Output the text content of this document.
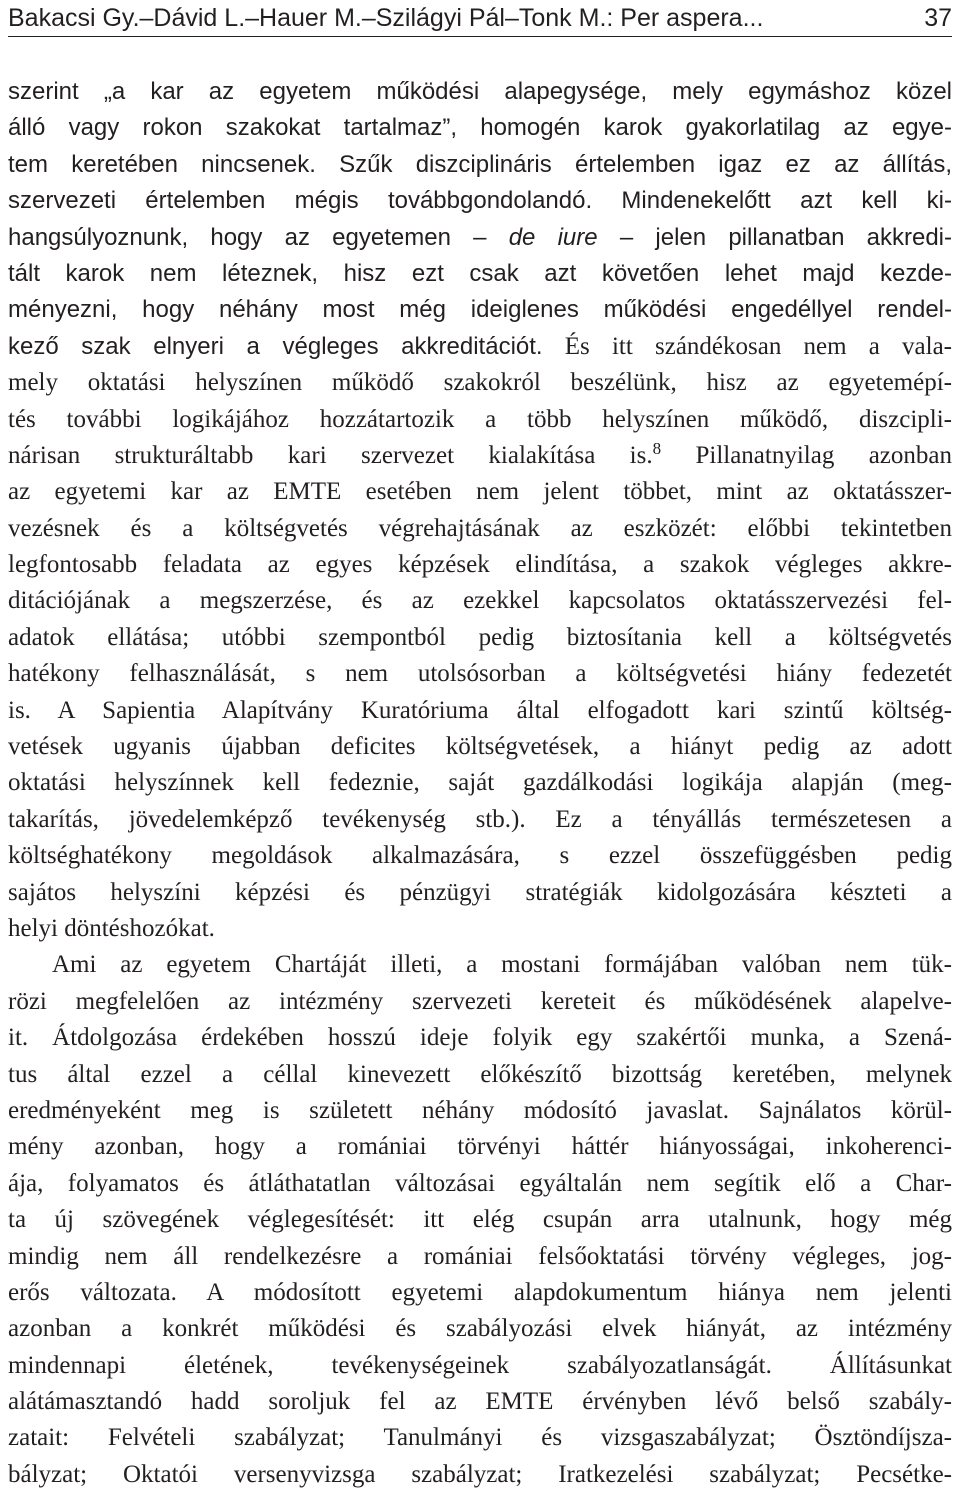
Bakacsi Gy.–Dávid L.–Hauer M.–Szilágyi Pál–Tonk M.: Per aspera...	37
szerint „a kar az egyetem működési alapegysége, mely egymáshoz közel
álló vagy rokon szakokat tartalmaz”, homogén karok gyakorlatilag az egye-
tem keretében nincsenek. Szűk diszciplináris értelemben igaz ez az állítás,
szervezeti értelemben mégis továbbgondolandó. Mindenekelőtt azt kell ki-
hangsúlyoznunk, hogy az egyetemen – de iure – jelen pillanatban akkredi-
tált karok nem léteznek, hisz ezt csak azt követően lehet majd kezde-
ményezni, hogy néhány most még ideiglenes működési engedéllyel rendel-
kező szak elnyeri a végleges akkreditációt. És itt szándékosan nem a vala-
mely oktatási helyszínen működő szakokról beszélünk, hisz az egyetemépí-
tés további logikájához hozzátartozik a több helyszínen működő, diszcipli-
nárisan strukturáltabb kari szervezet kialakítása is.$^8$ Pillanatnyilag azonban
az egyetemi kar az EMTE esetében nem jelent többet, mint az oktatásszer-
vezésnek és a költségvetés végrehajtásának az eszközét: előbbi tekintetben
legfontosabb feladata az egyes képzések elindítása, a szakok végleges akkre-
ditációjának a megszerzése, és az ezekkel kapcsolatos oktatásszervezési fel-
adatok ellátása; utóbbi szempontból pedig biztosítania kell a költségvetés
hatékony felhasználását, s nem utolsósorban a költségvetési hiány fedezetét
is. A Sapientia Alapítvány Kuratóriuma által elfogadott kari szintű költség-
vetések ugyanis újabban deficites költségvetések, a hiányt pedig az adott
oktatási helyszínnek kell fedeznie, saját gazdálkodási logikája alapján (meg-
takarítás, jövedelemképző tevékenység stb.). Ez a tényállás természetesen a
költséghatékony megoldások alkalmazására, s ezzel összefüggésben pedig
sajátos helyszíni képzési és pénzügyi stratégiák kidolgozására készteti a
helyi döntéshozókat.
Ami az egyetem Chartáját illeti, a mostani formájában valóban nem tük-
rözi megfelelően az intézmény szervezeti kereteit és működésének alapelve-
it. Átdolgozása érdekében hosszú ideje folyik egy szakértői munka, a Szená-
tus által ezzel a céllal kinevezett előkészítő bizottság keretében, melynek
eredményeként meg is született néhány módosító javaslat. Sajnálatos körül-
mény azonban, hogy a romániai törvényi háttér hiányosságai, inkoherenci-
ája, folyamatos és átláthatatlan változásai egyáltalán nem segítik elő a Char-
ta új szövegének véglegesítését: itt elég csupán arra utalnunk, hogy még
mindig nem áll rendelkezésre a romániai felsőoktatási törvény végleges, jog-
erős változata. A módosított egyetemi alapdokumentum hiánya nem jelenti
azonban a konkrét működési és szabályozási elvek hiányát, az intézmény
mindennapi életének, tevékenységeinek szabályozatlanságát. Állításunkat
alátámasztandó hadd soroljuk fel az EMTE érvényben lévő belső szabály-
zatait: Felvételi szabályzat; Tanulmányi és vizsgaszabályzat; Ösztöndíjsza-
bályzat; Oktatói versenyvizsga szabályzat; Iratkezelési szabályzat; Pecsétke-
